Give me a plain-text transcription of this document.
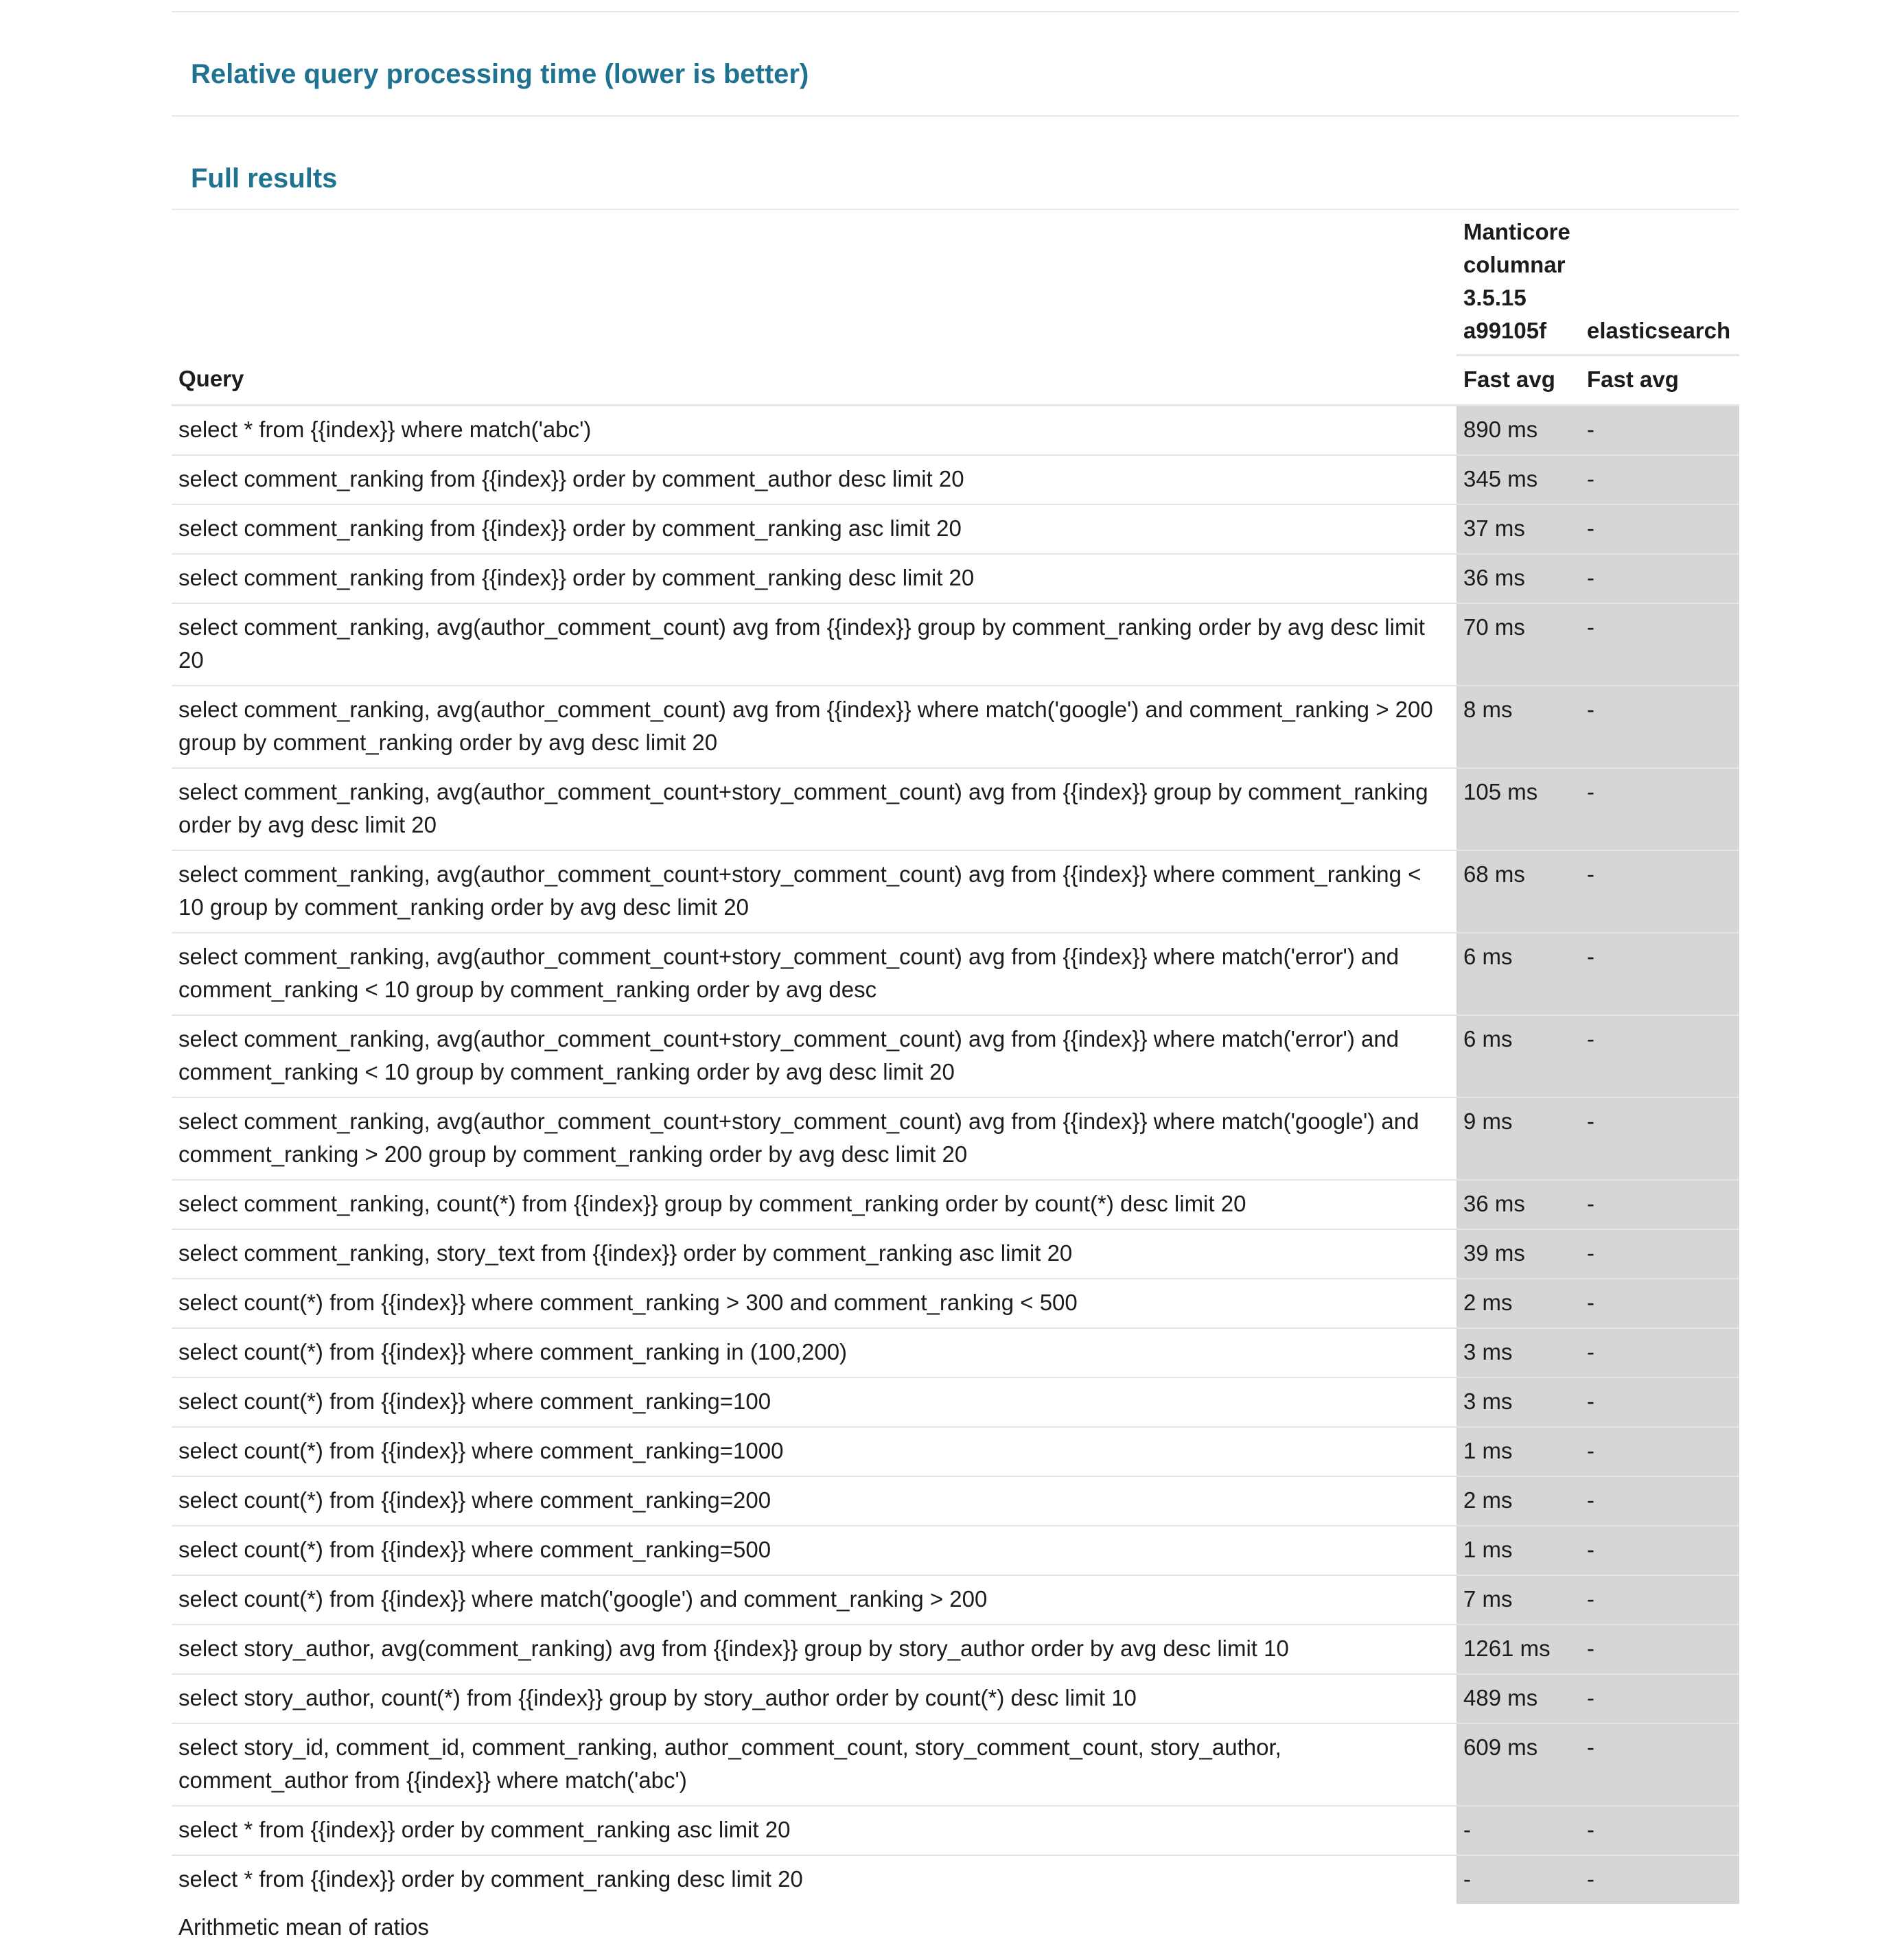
Relative query processing time (lower is better)
Full results
	Manticore columnar 3.5.15 a99105f	elasticsearch
Query	Fast avg	Fast avg
select * from {{index}} where match('abc')	890 ms	-
select comment_ranking from {{index}} order by comment_author desc limit 20	345 ms	-
select comment_ranking from {{index}} order by comment_ranking asc limit 20	37 ms	-
select comment_ranking from {{index}} order by comment_ranking desc limit 20	36 ms	-
select comment_ranking, avg(author_comment_count) avg from {{index}} group by comment_ranking order by avg desc limit 20	70 ms	-
select comment_ranking, avg(author_comment_count) avg from {{index}} where match('google') and comment_ranking > 200 group by comment_ranking order by avg desc limit 20	8 ms	-
select comment_ranking, avg(author_comment_count+story_comment_count) avg from {{index}} group by comment_ranking order by avg desc limit 20	105 ms	-
select comment_ranking, avg(author_comment_count+story_comment_count) avg from {{index}} where comment_ranking < 10 group by comment_ranking order by avg desc limit 20	68 ms	-
select comment_ranking, avg(author_comment_count+story_comment_count) avg from {{index}} where match('error') and comment_ranking < 10 group by comment_ranking order by avg desc	6 ms	-
select comment_ranking, avg(author_comment_count+story_comment_count) avg from {{index}} where match('error') and comment_ranking < 10 group by comment_ranking order by avg desc limit 20	6 ms	-
select comment_ranking, avg(author_comment_count+story_comment_count) avg from {{index}} where match('google') and comment_ranking > 200 group by comment_ranking order by avg desc limit 20	9 ms	-
select comment_ranking, count(*) from {{index}} group by comment_ranking order by count(*) desc limit 20	36 ms	-
select comment_ranking, story_text from {{index}} order by comment_ranking asc limit 20	39 ms	-
select count(*) from {{index}} where comment_ranking > 300 and comment_ranking < 500	2 ms	-
select count(*) from {{index}} where comment_ranking in (100,200)	3 ms	-
select count(*) from {{index}} where comment_ranking=100	3 ms	-
select count(*) from {{index}} where comment_ranking=1000	1 ms	-
select count(*) from {{index}} where comment_ranking=200	2 ms	-
select count(*) from {{index}} where comment_ranking=500	1 ms	-
select count(*) from {{index}} where match('google') and comment_ranking > 200	7 ms	-
select story_author, avg(comment_ranking) avg from {{index}} group by story_author order by avg desc limit 10	1261 ms	-
select story_author, count(*) from {{index}} group by story_author order by count(*) desc limit 10	489 ms	-
select story_id, comment_id, comment_ranking, author_comment_count, story_comment_count, story_author, comment_author from {{index}} where match('abc')	609 ms	-
select * from {{index}} order by comment_ranking asc limit 20	-	-
select * from {{index}} order by comment_ranking desc limit 20	-	-
Arithmetic mean of ratios		
